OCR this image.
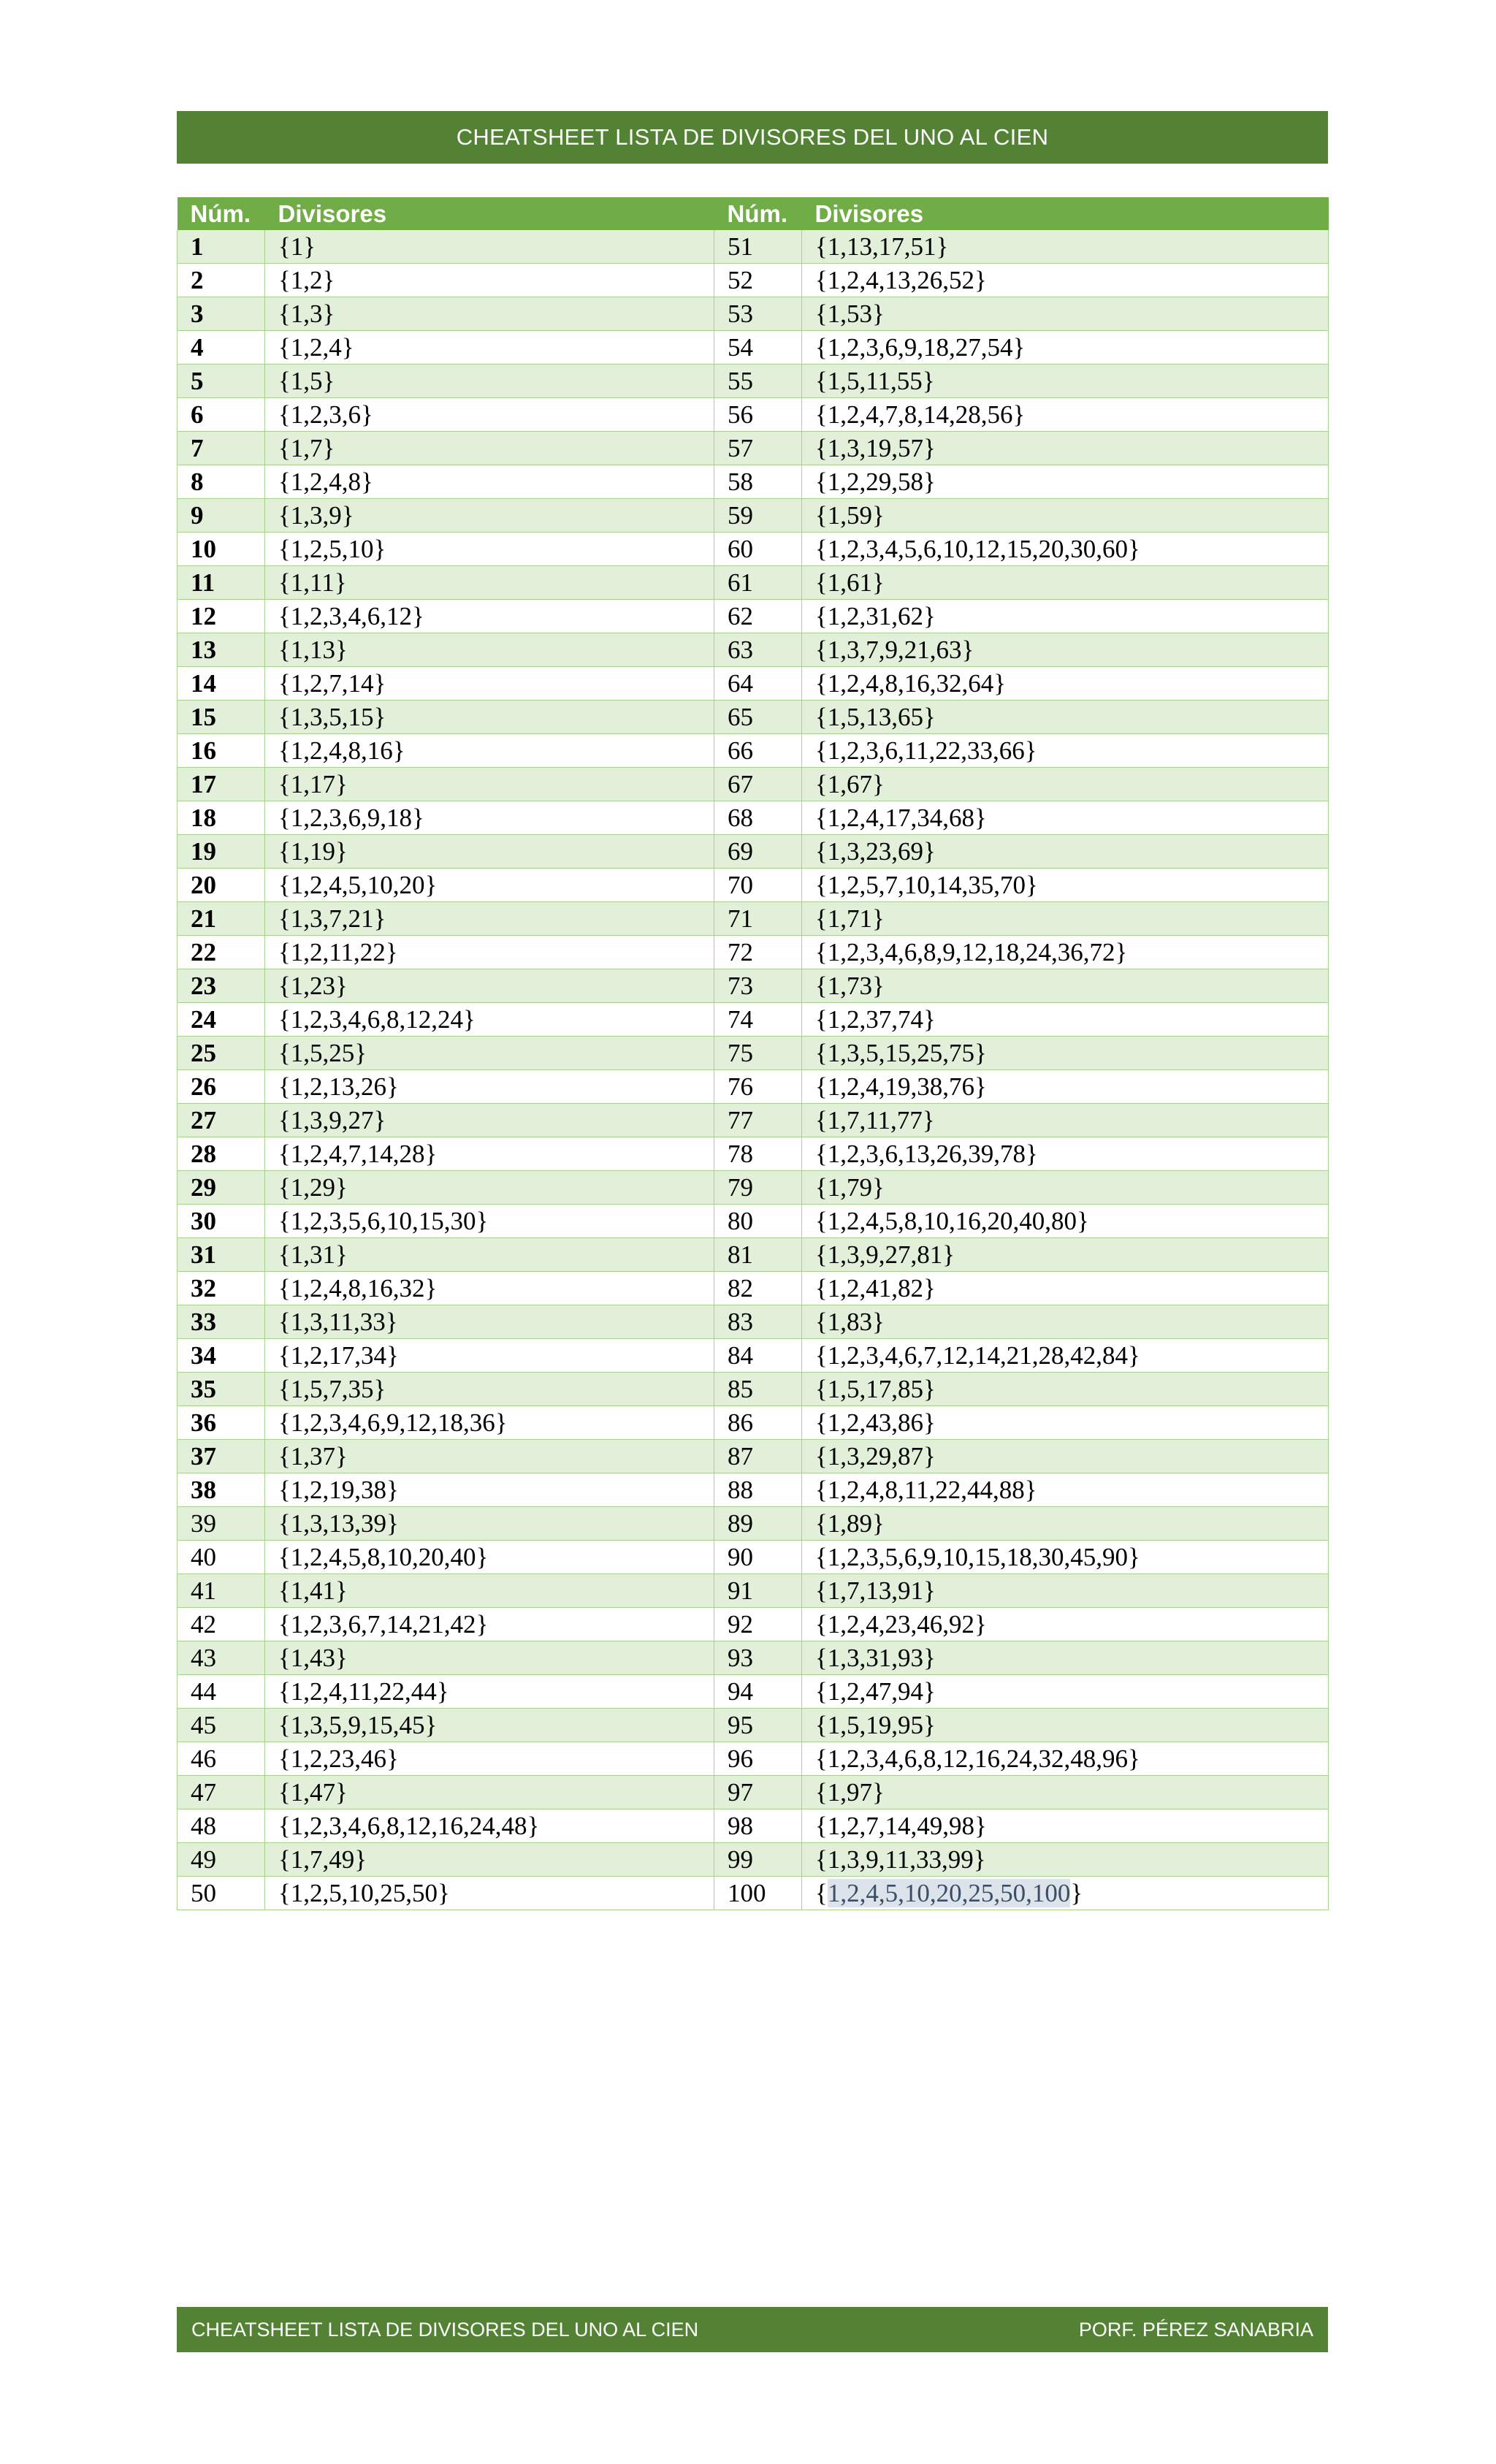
CHEATSHEET LISTA DE DIVISORES DEL UNO AL CIEN
Núm.	Divisores	Núm.	Divisores
1	{1}	51	{1,13,17,51}
2	{1,2}	52	{1,2,4,13,26,52}
3	{1,3}	53	{1,53}
4	{1,2,4}	54	{1,2,3,6,9,18,27,54}
5	{1,5}	55	{1,5,11,55}
6	{1,2,3,6}	56	{1,2,4,7,8,14,28,56}
7	{1,7}	57	{1,3,19,57}
8	{1,2,4,8}	58	{1,2,29,58}
9	{1,3,9}	59	{1,59}
10	{1,2,5,10}	60	{1,2,3,4,5,6,10,12,15,20,30,60}
11	{1,11}	61	{1,61}
12	{1,2,3,4,6,12}	62	{1,2,31,62}
13	{1,13}	63	{1,3,7,9,21,63}
14	{1,2,7,14}	64	{1,2,4,8,16,32,64}
15	{1,3,5,15}	65	{1,5,13,65}
16	{1,2,4,8,16}	66	{1,2,3,6,11,22,33,66}
17	{1,17}	67	{1,67}
18	{1,2,3,6,9,18}	68	{1,2,4,17,34,68}
19	{1,19}	69	{1,3,23,69}
20	{1,2,4,5,10,20}	70	{1,2,5,7,10,14,35,70}
21	{1,3,7,21}	71	{1,71}
22	{1,2,11,22}	72	{1,2,3,4,6,8,9,12,18,24,36,72}
23	{1,23}	73	{1,73}
24	{1,2,3,4,6,8,12,24}	74	{1,2,37,74}
25	{1,5,25}	75	{1,3,5,15,25,75}
26	{1,2,13,26}	76	{1,2,4,19,38,76}
27	{1,3,9,27}	77	{1,7,11,77}
28	{1,2,4,7,14,28}	78	{1,2,3,6,13,26,39,78}
29	{1,29}	79	{1,79}
30	{1,2,3,5,6,10,15,30}	80	{1,2,4,5,8,10,16,20,40,80}
31	{1,31}	81	{1,3,9,27,81}
32	{1,2,4,8,16,32}	82	{1,2,41,82}
33	{1,3,11,33}	83	{1,83}
34	{1,2,17,34}	84	{1,2,3,4,6,7,12,14,21,28,42,84}
35	{1,5,7,35}	85	{1,5,17,85}
36	{1,2,3,4,6,9,12,18,36}	86	{1,2,43,86}
37	{1,37}	87	{1,3,29,87}
38	{1,2,19,38}	88	{1,2,4,8,11,22,44,88}
39	{1,3,13,39}	89	{1,89}
40	{1,2,4,5,8,10,20,40}	90	{1,2,3,5,6,9,10,15,18,30,45,90}
41	{1,41}	91	{1,7,13,91}
42	{1,2,3,6,7,14,21,42}	92	{1,2,4,23,46,92}
43	{1,43}	93	{1,3,31,93}
44	{1,2,4,11,22,44}	94	{1,2,47,94}
45	{1,3,5,9,15,45}	95	{1,5,19,95}
46	{1,2,23,46}	96	{1,2,3,4,6,8,12,16,24,32,48,96}
47	{1,47}	97	{1,97}
48	{1,2,3,4,6,8,12,16,24,48}	98	{1,2,7,14,49,98}
49	{1,7,49}	99	{1,3,9,11,33,99}
50	{1,2,5,10,25,50}	100	{1,2,4,5,10,20,25,50,100}
CHEATSHEET LISTA DE DIVISORES DEL UNO AL CIEN	PORF. PÉREZ SANABRIA
